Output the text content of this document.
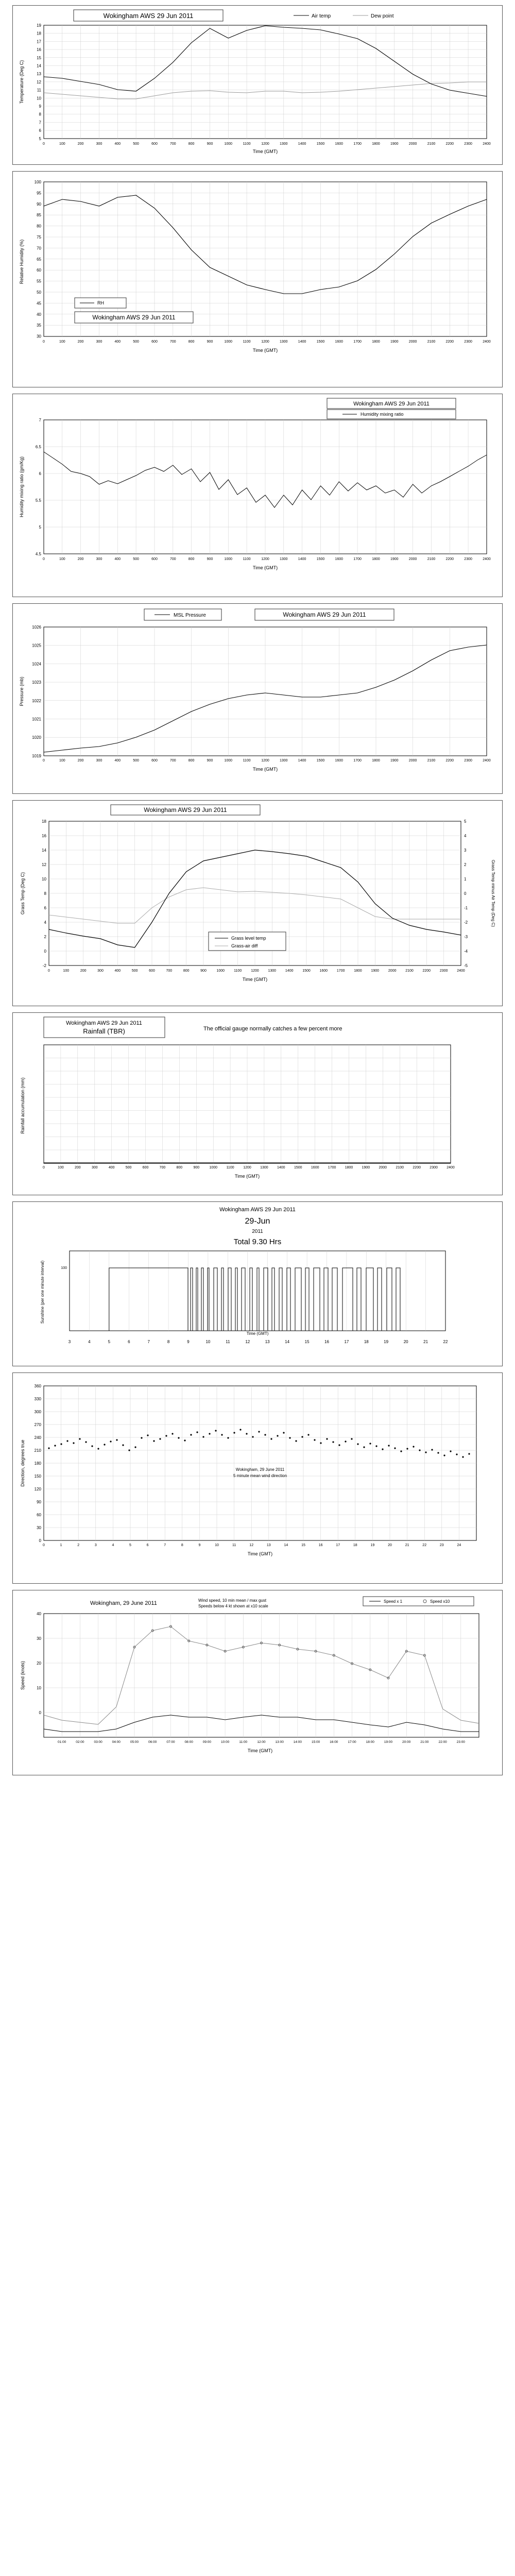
Wokingham AWS 29 Jun 2011	Air temp	Dew point
19
18
17
16
15
14
13
12
11
10
9
8
7
6
5
0	100	200	300	400	500	600	700	800	900	1000	1100	1200	1300	1400	1500	1600	1700	1800	1900	2000	2100	2200	2300	2400
Time (GMT)
Temperature (Deg C)
100
95
90
85
80
75
70
65
60
55
50
45
40
35
30
0	100	200	300	400	500	600	700	800	900	1000	1100	1200	1300	1400	1500	1600	1700	1800	1900	2000	2100	2200	2300	2400
Time (GMT)
Relative Humidity (%)
RH
Wokingham AWS 29 Jun 2011
7
6.5
6
5.5
5
4.5
0	100	200	300	400	500	600	700	800	900	1000	1100	1200	1300	1400	1500	1600	1700	1800	1900	2000	2100	2200	2300	2400
Time (GMT)
Humidity mixing ratio (gm/Kg)
Wokingham AWS 29 Jun 2011
Humidity mixing ratio
1026
1025
1024
1023
1022
1021
1020
1019
0	100	200	300	400	500	600	700	800	900	1000	1100	1200	1300	1400	1500	1600	1700	1800	1900	2000	2100	2200	2300	2400
Time (GMT)
Pressure (mb)
MSL Pressure	Wokingham AWS 29 Jun 2011
Wokingham AWS 29 Jun 2011
18
16
14
12
10
8
6
4
2
0
-2
5
4
3
2
1
0
-1
-2
-3
-4
-5
0	100	200	300	400	500	600	700	800	900	1000	1100	1200	1300	1400	1500	1600	1700	1800	1900	2000	2100	2200	2300	2400
Time (GMT)
Grass Temp (Deg C)	Grass Temp minus Air Temp (Deg C)
Grass level temp
Grass-air diff
Wokingham AWS 29 Jun 2011
Rainfall (TBR)	The official gauge normally catches a few percent more
0	100	200	300	400	500	600	700	800	900	1000	1100	1200 1300 1400 1500 1600 1700 1800 1900 2000 2100 2200 2300 2400
Time (GMT)
Rainfall accumulation (mm)
Wokingham AWS 29 Jun 2011
29-Jun
2011
Total 9.30 Hrs
100
3	4	5	6	7	8	9	10	11	12	13	14	15	16	17	18	19	20	21	22
Time (GMT)
Sunshine (per one minute interval)
360
330
300
270
240
210
180
150
120
90
60
30
0
Wokingham, 29 June 2011
5 minute mean wind direction
0	1	2	3	4	5	6	7	8	9	10	11	12	13	14	15	16	17	18	19	20	21	22	23	24
Time (GMT)
Direction, degrees true
Wokingham, 29 June 2011	Wind speed, 10 min mean / max gust
Speeds below 4 kt shown at x10 scale
Speed x 1	Speed x10
40
30
20
10
0
01:00	02:00	03:00	04:00	05:00	06:00	07:00	08:00	09:00	10:00	11:00	12:00	13:00	14:00	15:00	16:00	17:00	18:00	19:00	20:00	21:00	22:00	23:00
Time (GMT)
Speed (knots)
